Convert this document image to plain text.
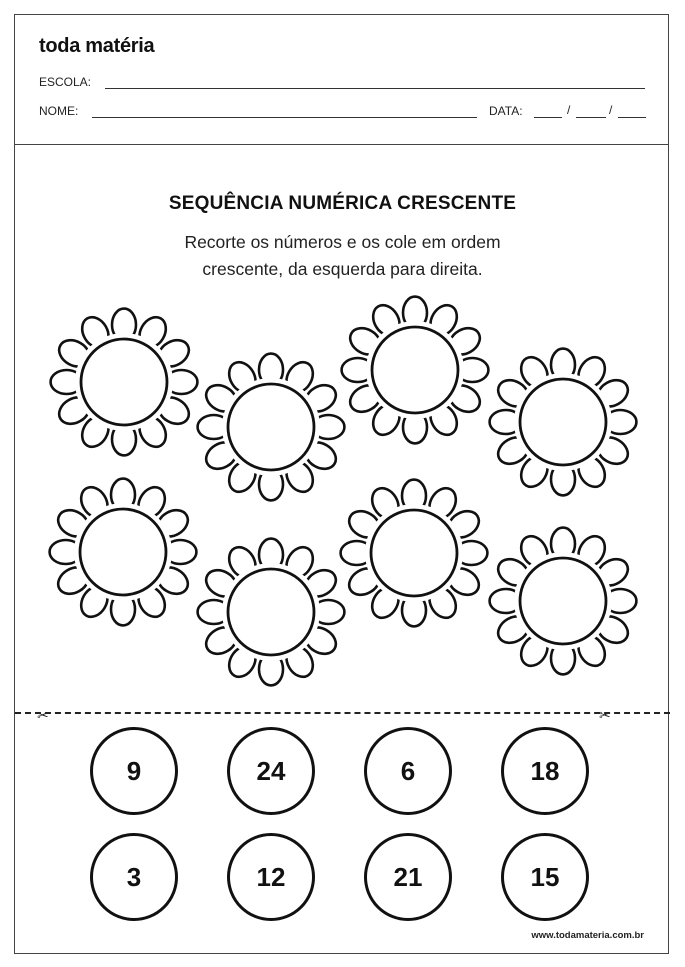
toda matéria
ESCOLA:
NOME:	DATA:	/	/
SEQUÊNCIA NUMÉRICA CRESCENTE
Recorte os números e os cole em ordem
crescente, da esquerda para direita.
✂	✂
9	24	6	18
3	12	21	15
www.todamateria.com.br
